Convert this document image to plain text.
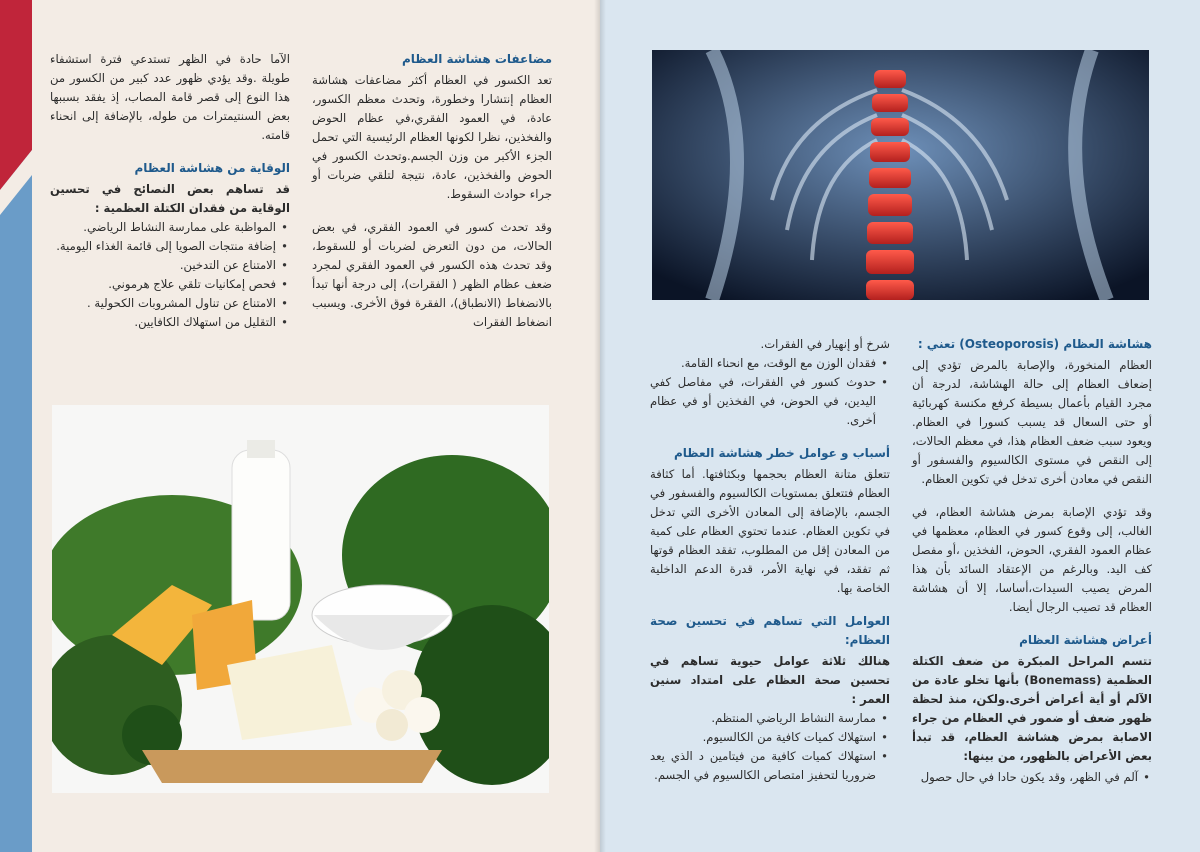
مضاعفات هشاشة العظام

تعد الكسور في العظام أكثر مضاعفات هشاشة العظام إنتشارا وخطورة، وتحدث معظم الكسور، عادة، في العمود الفقري،في عظام الحوض والفخذين، نظرا لكونها العظام الرئيسية التي تحمل الجزء الأكبر من وزن الجسم.وتحدث الكسور في الحوض والفخذين، عادة، نتيجة لتلقي ضربات أو جراء حوادث السقوط.

وقد تحدث كسور في العمود الفقري، في بعض الحالات، من دون التعرض لضربات أو للسقوط، وقد تحدث هذه الكسور في العمود الفقري لمجرد ضعف عظام الظهر ( الفقرات)، إلى درجة أنها تبدأ بالانضغاط (الانطباق)، الفقرة فوق الأخرى. ويسبب انضغاط الفقرات

الآما حادة في الظهر تستدعي فترة استشفاء طويلة .وقد يؤدي ظهور عدد كبير من الكسور من هذا النوع إلى قصر قامة المصاب، إذ يفقد بسببها بعض السنتيمترات من طوله، بالإضافة إلى انحناء قامته.

الوقاية من هشاشة العظام
قد تساهم بعض النصائح في تحسين الوقاية من فقدان الكتلة العظمية :
• المواظبة على ممارسة النشاط الرياضي.
• إضافة منتجات الصويا إلى قائمة الغذاء اليومية.
• الامتناع عن التدخين.
• فحص إمكانيات تلقي علاج هرموني.
• الامتناع عن تناول المشروبات الكحولية .
• التقليل من استهلاك الكافايين.
هشاشة العظام (Osteoporosis) تعني :

العظام المنخورة، والإصابة بالمرض تؤدي إلى إضعاف العظام إلى حالة الهشاشة، لدرجة أن مجرد القيام بأعمال بسيطة كرفع مكنسة كهربائية أو حتى السعال قد يسبب كسورا في العظام. ويعود سبب ضعف العظام هذا، في معظم الحالات، إلى النقص في مستوى الكالسيوم والفسفور أو النقص في معادن أخرى تدخل في تكوين العظام.

وقد تؤدي الإصابة بمرض هشاشة العظام، في الغالب، إلى وقوع كسور في العظام، معظمها في عظام العمود الفقري، الحوض، الفخذين ،أو مفصل كف اليد. وبالرغم من الإعتقاد السائد بأن هذا المرض يصيب السيدات،أساسا، إلا أن هشاشة العظام قد تصيب الرجال أيضا.

أعراض هشاشة العظام
تتسم المراحل المبكرة من ضعف الكتلة العظمية (Bonemass) بأنها تخلو عادة من الآلم أو أية أعراض أخرى.ولكن، منذ لحظة ظهور ضعف أو ضمور في العظام من جراء الاصابة بمرض هشاشة العظام، قد تبدأ بعض الأعراض بالظهور، من بينها:
• آلم في الظهر، وقد يكون حادا في حال حصول
شرخ أو إنهيار في الفقرات.
• فقدان الوزن مع الوقت، مع انحناء القامة.
• حدوث كسور في الفقرات، في مفاصل كفي اليدين، في الحوض، في الفخذين أو في عظام أخرى.
أسباب و عوامل خطر هشاشة العظام

تتعلق متانة العظام بحجمها وبكثافتها. أما كثافة العظام فتتعلق بمستويات الكالسيوم والفسفور في الجسم، بالإضافة إلى المعادن الأخرى التي تدخل في تكوين العظام. عندما تحتوي العظام على كمية من المعادن إقل من المطلوب، تفقد العظام قوتها ثم تفقد، في نهاية الأمر، قدرة الدعم الداخلية الخاصة بها.

العوامل التي تساهم في تحسين صحة العظام:
هنالك ثلاثة عوامل حيوية تساهم في تحسين صحة العظام على امتداد سنين العمر :
• ممارسة النشاط الرياضي المنتظم.
• استهلاك كميات كافية من الكالسيوم.
• استهلاك كميات كافية من فيتامين د الذي يعد ضروريا لتحفيز امتصاص الكالسيوم في الجسم.
